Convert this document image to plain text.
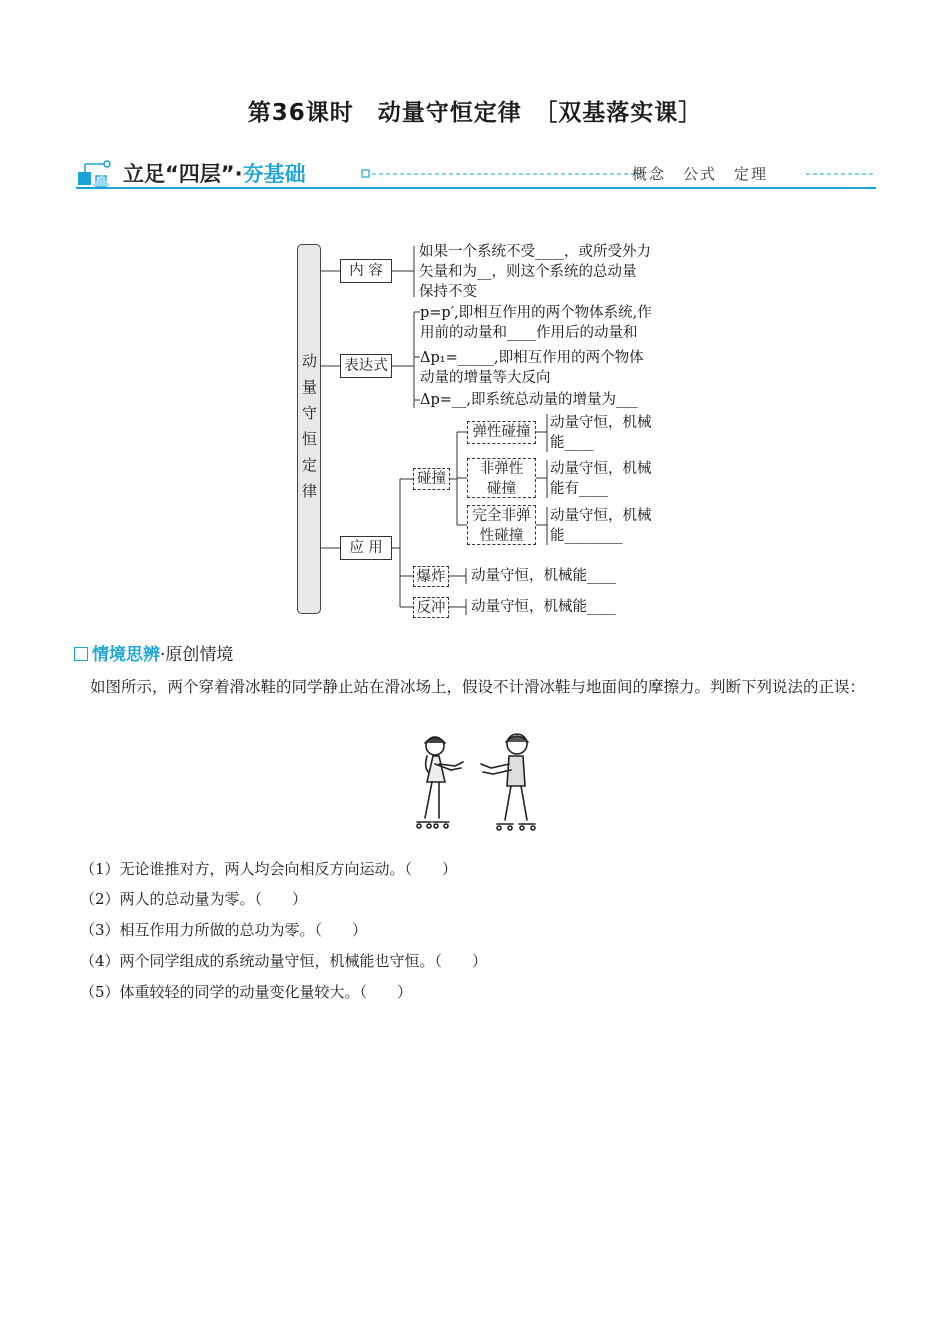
第36课时　动量守恒定律　［双基落实课］
立足“四层”·夯基础	概念　公式　定理
动
量
守
恒
定
律
内 容
如果一个系统不受____，或所受外力
矢量和为__，则这个系统的总动量
保持不变
表达式
p=p′,即相互作用的两个物体系统,作
用前的动量和____作用后的动量和
Δp₁=_____,即相互作用的两个物体
动量的增量等大反向
Δp=__,即系统总动量的增量为___
应 用
碰撞
弹性碰撞
动量守恒，机械
能____
非弹性
碰撞
动量守恒，机械
能有____
完全非弹
性碰撞
动量守恒，机械
能________
爆炸 动量守恒，机械能____
反冲 动量守恒，机械能____
情境思辨·原创情境
如图所示，两个穿着滑冰鞋的同学静止站在滑冰场上，假设不计滑冰鞋与地面间的摩擦力。判断下列说法的正误：
（1）无论谁推对方，两人均会向相反方向运动。（　　）
（2）两人的总动量为零。（　　）
（3）相互作用力所做的总功为零。（　　）
（4）两个同学组成的系统动量守恒，机械能也守恒。（　　）
（5）体重较轻的同学的动量变化量较大。（　　）
